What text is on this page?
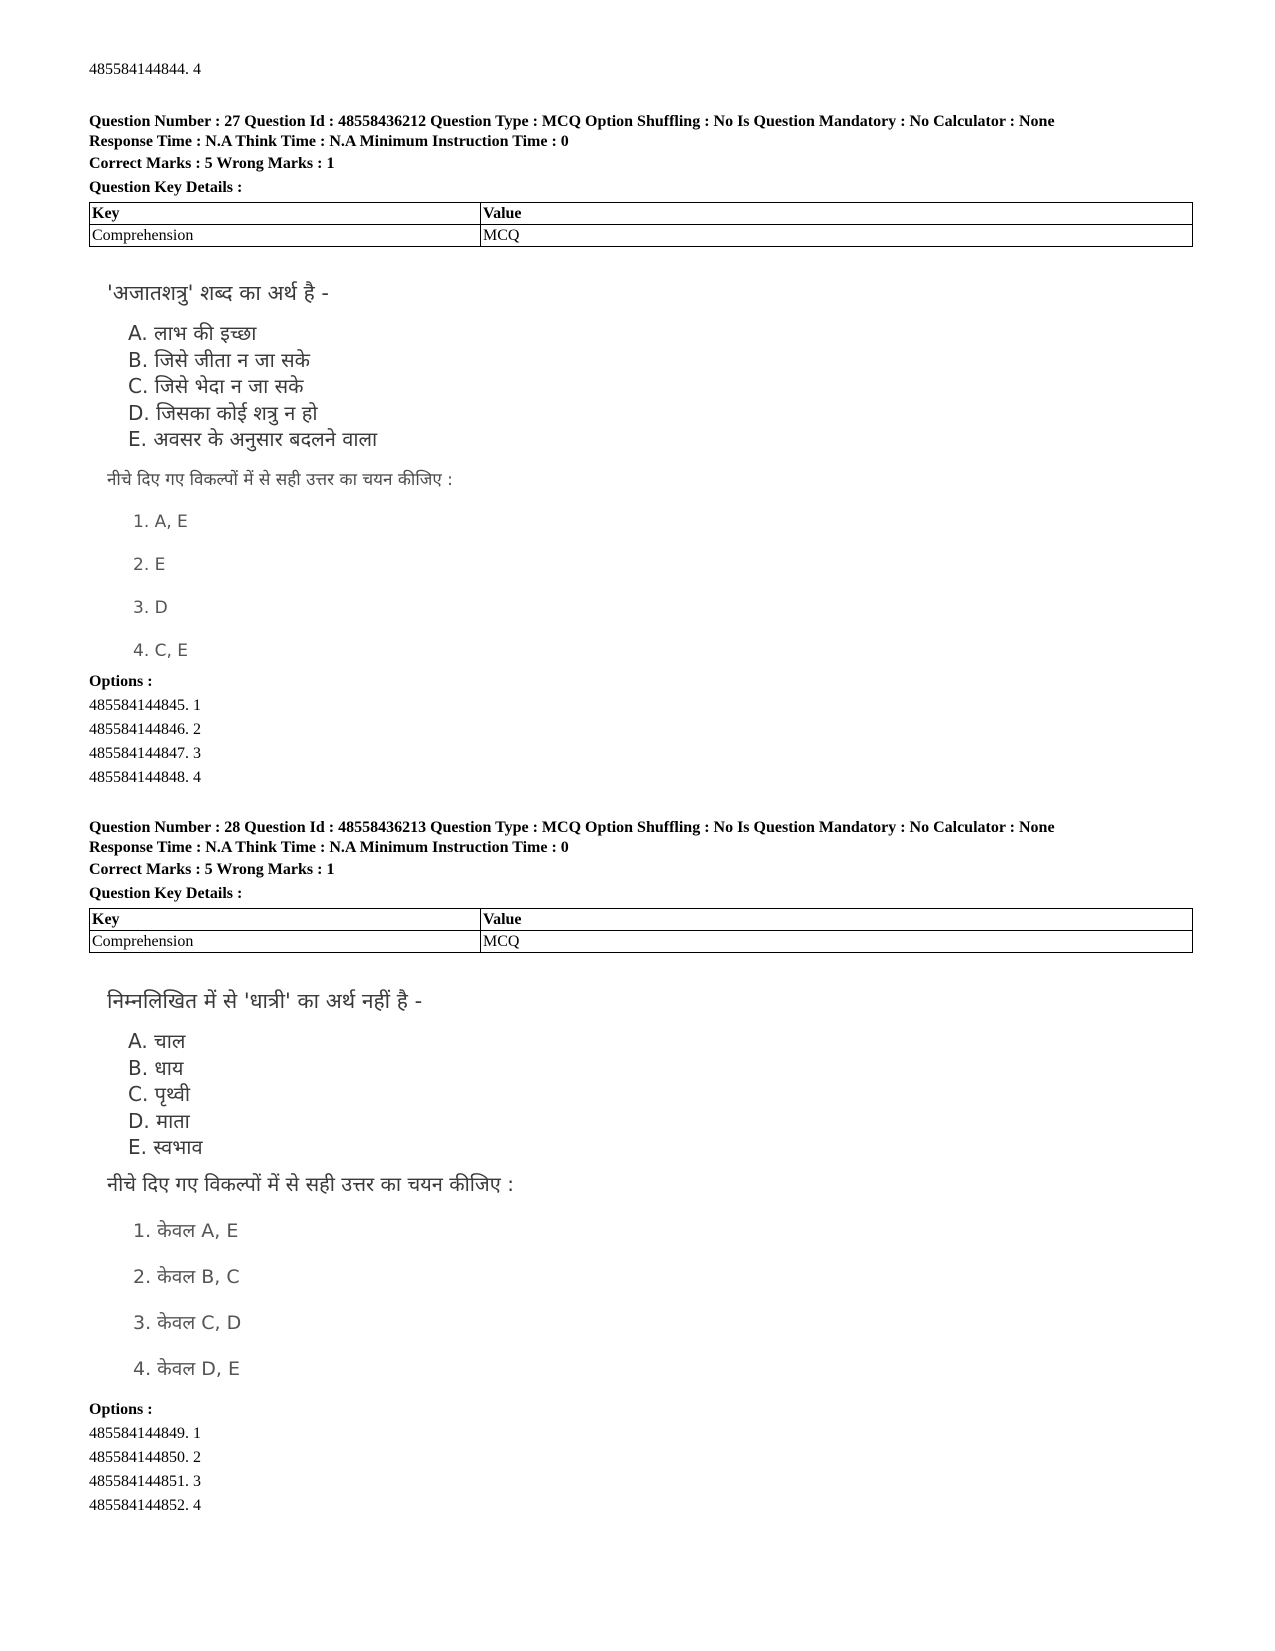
485584144844. 4
Question Number : 27 Question Id : 48558436212 Question Type : MCQ Option Shuffling : No Is Question Mandatory : No Calculator : None
Response Time : N.A Think Time : N.A Minimum Instruction Time : 0
Correct Marks : 5 Wrong Marks : 1
Question Key Details :
Key	Value
Comprehension	MCQ
'अजातशत्रु' शब्द का अर्थ है -
A. लाभ की इच्छा
B. जिसे जीता न जा सके
C. जिसे भेदा न जा सके
D. जिसका कोई शत्रु न हो
E. अवसर के अनुसार बदलने वाला
नीचे दिए गए विकल्पों में से सही उत्तर का चयन कीजिए :
1. A, E
2. E
3. D
4. C, E
Options :
485584144845. 1
485584144846. 2
485584144847. 3
485584144848. 4
Question Number : 28 Question Id : 48558436213 Question Type : MCQ Option Shuffling : No Is Question Mandatory : No Calculator : None
Response Time : N.A Think Time : N.A Minimum Instruction Time : 0
Correct Marks : 5 Wrong Marks : 1
Question Key Details :
Key	Value
Comprehension	MCQ
निम्नलिखित में से 'धात्री' का अर्थ नहीं है -
A. चाल
B. धाय
C. पृथ्वी
D. माता
E. स्वभाव
नीचे दिए गए विकल्पों में से सही उत्तर का चयन कीजिए :
1. केवल A, E
2. केवल B, C
3. केवल C, D
4. केवल D, E
Options :
485584144849. 1
485584144850. 2
485584144851. 3
485584144852. 4
